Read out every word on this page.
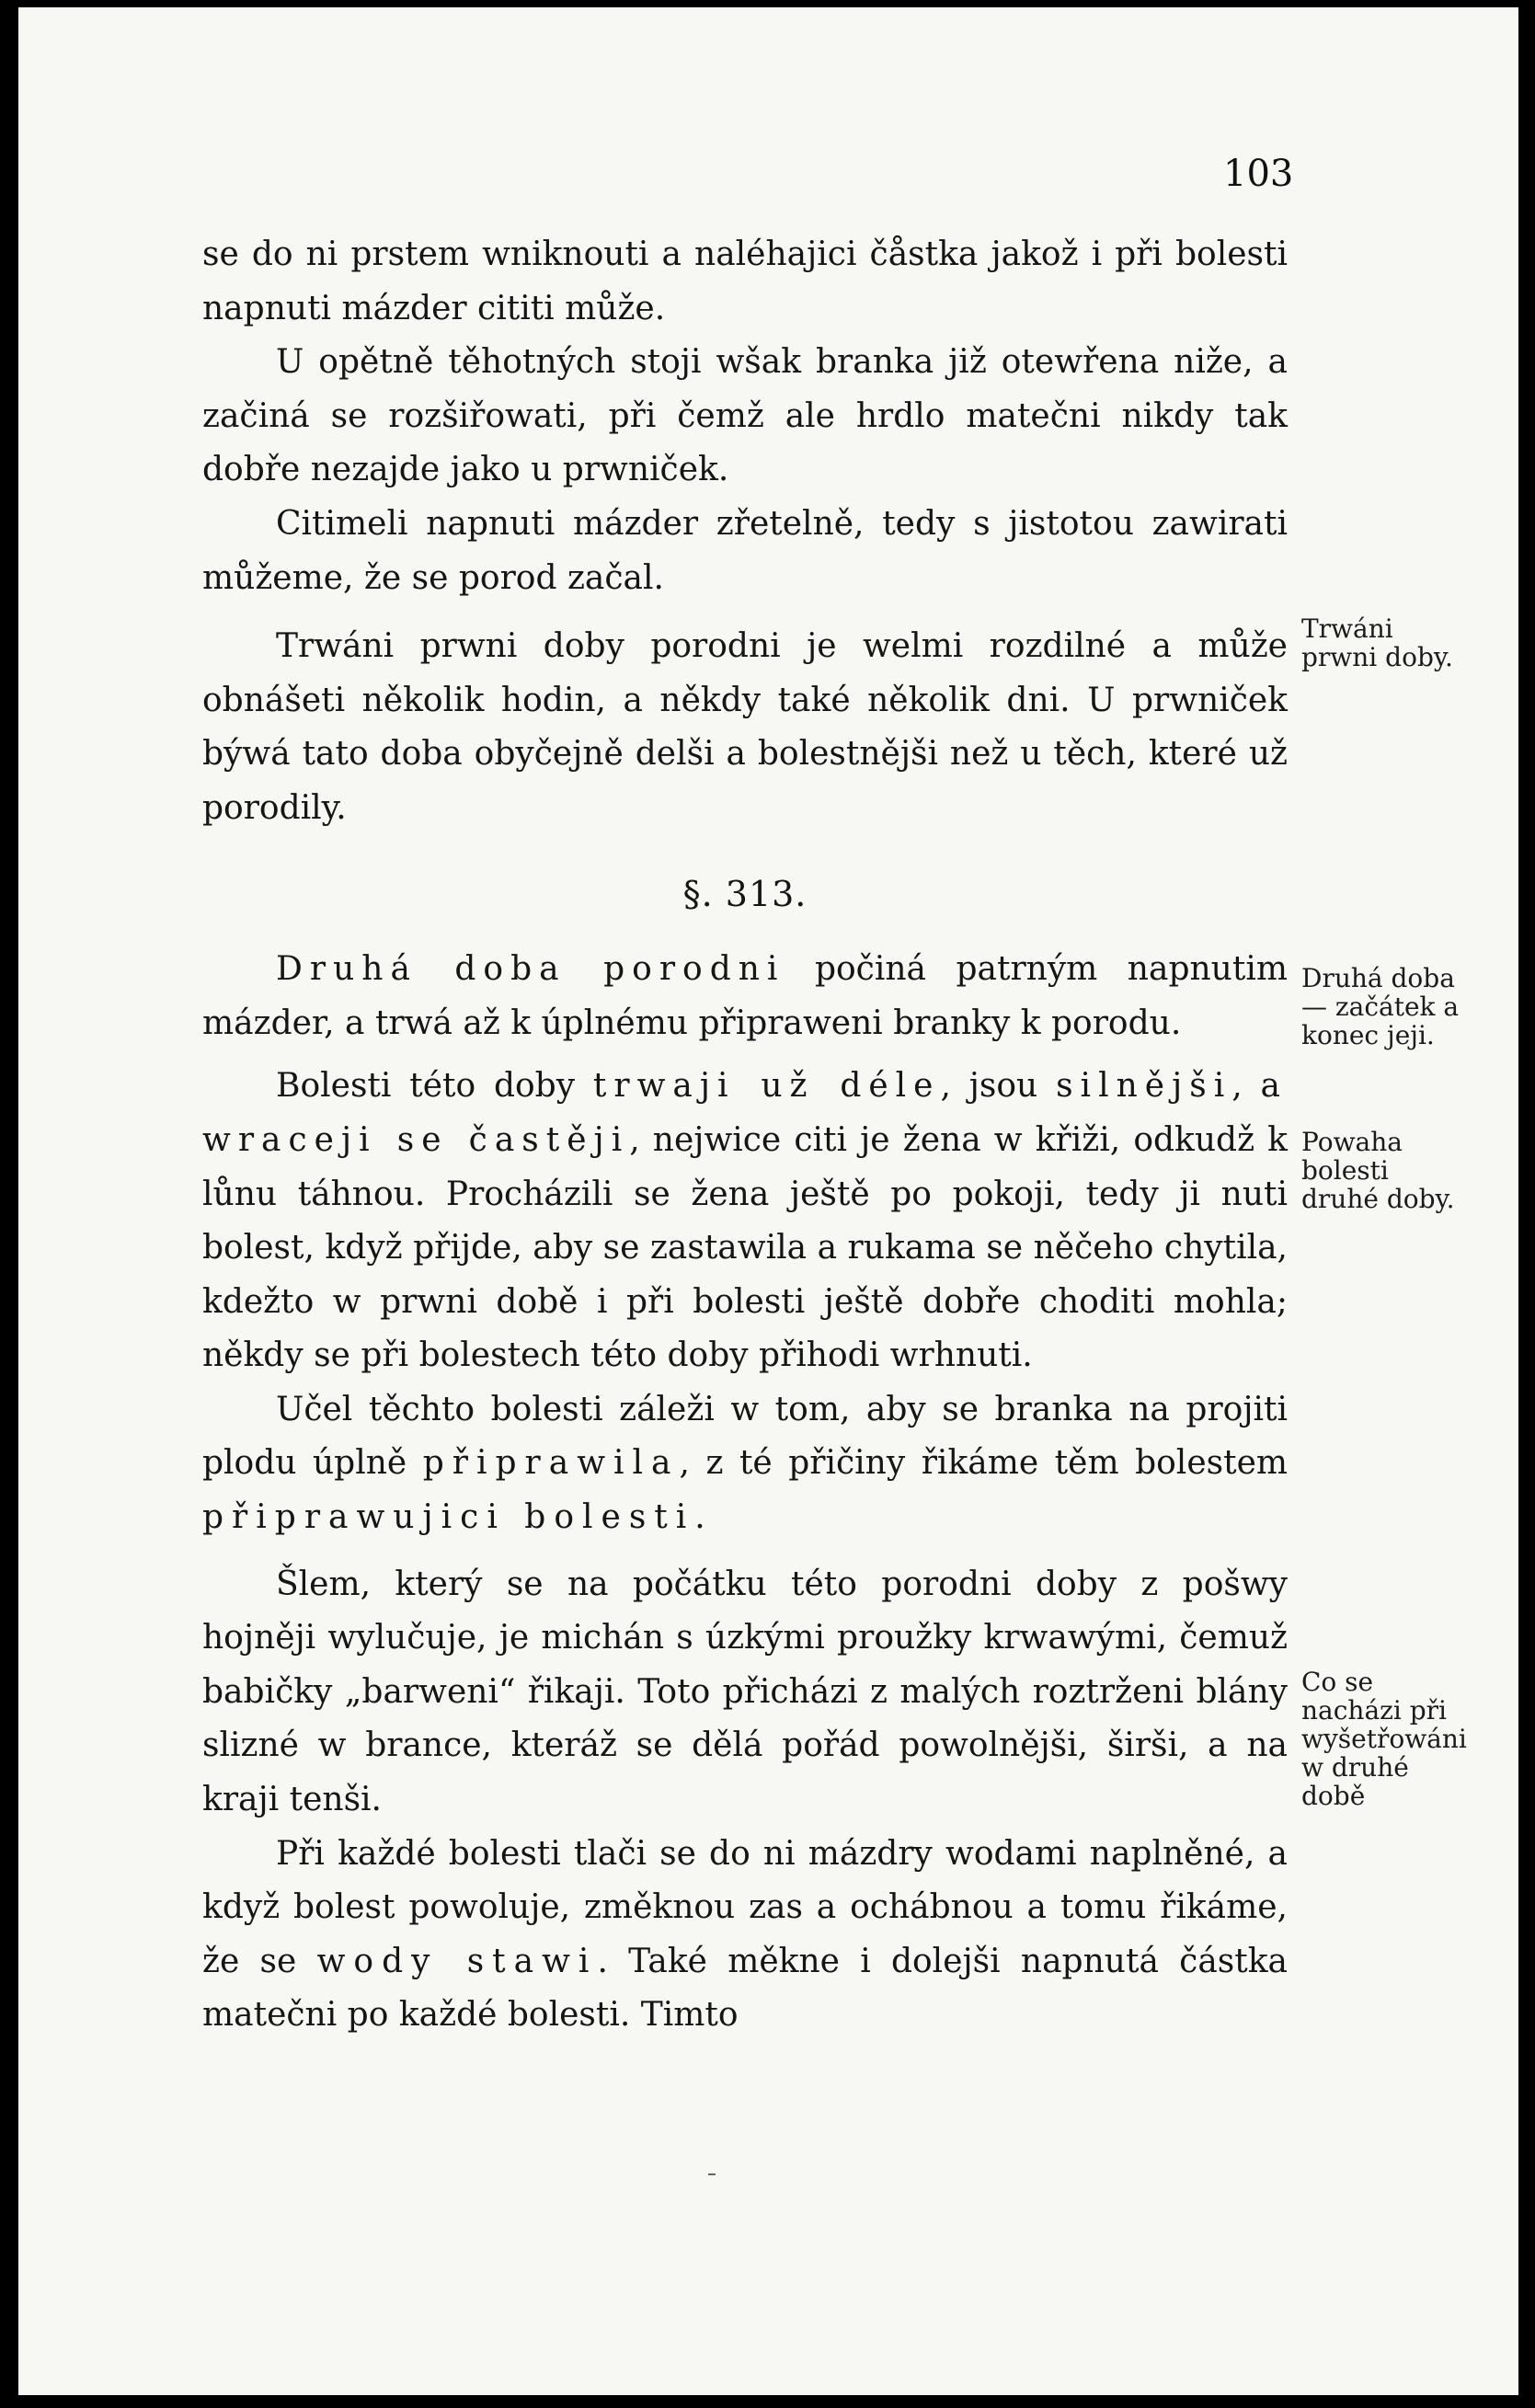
103

se do ni prstem wniknouti a naléhajici čåstka jakož i při bolesti napnuti mázder cititi může.

U opětně těhotných stoji wšak branka již otewřena niže, a začiná se rozšiřowati, při čemž ale hrdlo matečni nikdy tak dobře nezajde jako u prwniček.

Citimeli napnuti mázder zřetelně, tedy s jistotou zawirati můžeme, že se porod začal.

Trwáni prwni doby porodni je welmi rozdilné a může obnášeti několik hodin, a někdy také několik dni. U prwniček býwá tato doba obyčejně delši a bolestnějši než u těch, které už porodily.

§. 313.

Druhá doba porodni počiná patrným napnutim mázder, a trwá až k úplnému připraweni branky k porodu.

Bolesti této doby trwaji už déle, jsou silnějši, a wraceji se častěji, nejwice citi je žena w křiži, odkudž k lůnu táhnou. Procházili se žena ještě po pokoji, tedy ji nuti bolest, když přijde, aby se zastawila a rukama se něčeho chytila, kdežto w prwni době i při bolesti ještě dobře choditi mohla; někdy se při bolestech této doby přihodi wrhnuti.

Učel těchto bolesti záleži w tom, aby se branka na projiti plodu úplně připrawila, z té přičiny řikáme těm bolestem připrawujici bolesti.

Šlem, který se na počátku této porodni doby z pošwy hojněji wylučuje, je michán s úzkými proužky krwawými, čemuž babičky „barweni“ řikaji. Toto přicházi z malých roztrženi blány slizné w brance, kteráž se dělá pořád powolnějši, širši, a na kraji tenši.

Při každé bolesti tlači se do ni mázdry wodami naplněné, a když bolest powoluje, změknou zas a ochábnou a tomu řikáme, že se wody stawi. Také měkne i dolejši napnutá částka matečni po každé bolesti. Timto

Trwáni prwni doby.
Druhá doba — začátek a konec jeji.
Powaha bolesti druhé doby.
Co se nacházi při wyšetřowáni w druhé době
